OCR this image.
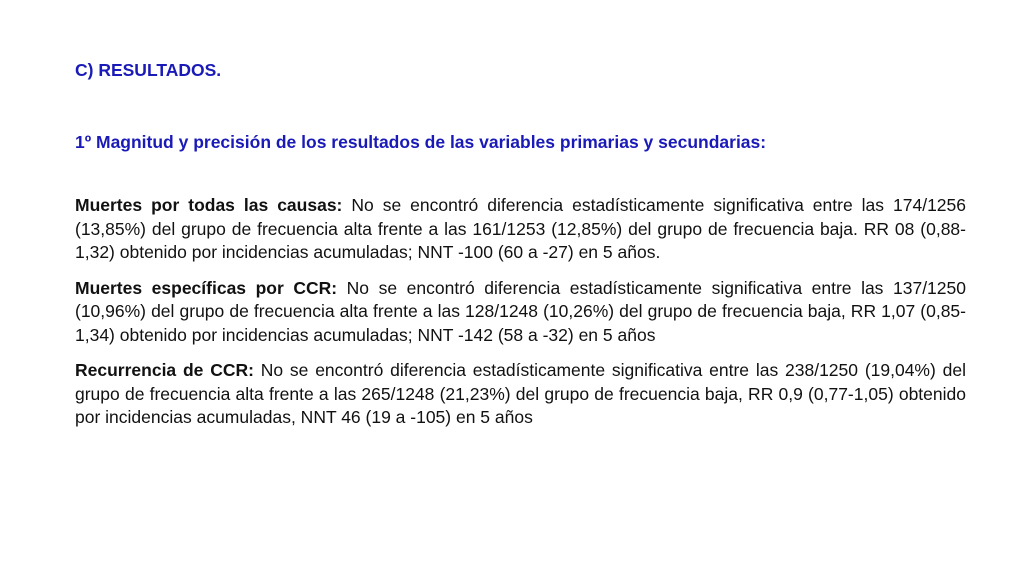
C) RESULTADOS.

1º Magnitud y precisión de los resultados de las variables primarias y secundarias:

Muertes por todas las causas: No se encontró diferencia estadísticamente significativa entre las 174/1256 (13,85%) del grupo de frecuencia alta frente a las 161/1253 (12,85%) del grupo de frecuencia baja. RR 08 (0,88-1,32) obtenido por incidencias acumuladas; NNT -100 (60 a -27) en 5 años.

Muertes específicas por CCR: No se encontró diferencia estadísticamente significativa entre las 137/1250 (10,96%) del grupo de frecuencia alta frente a las 128/1248 (10,26%) del grupo de frecuencia baja, RR 1,07 (0,85-1,34) obtenido por incidencias acumuladas; NNT -142 (58 a -32) en 5 años

Recurrencia de CCR: No se encontró diferencia estadísticamente significativa entre las 238/1250 (19,04%) del grupo de frecuencia alta frente a las 265/1248 (21,23%) del grupo de frecuencia baja, RR 0,9 (0,77-1,05) obtenido por incidencias acumuladas, NNT 46 (19 a -105) en 5 años
